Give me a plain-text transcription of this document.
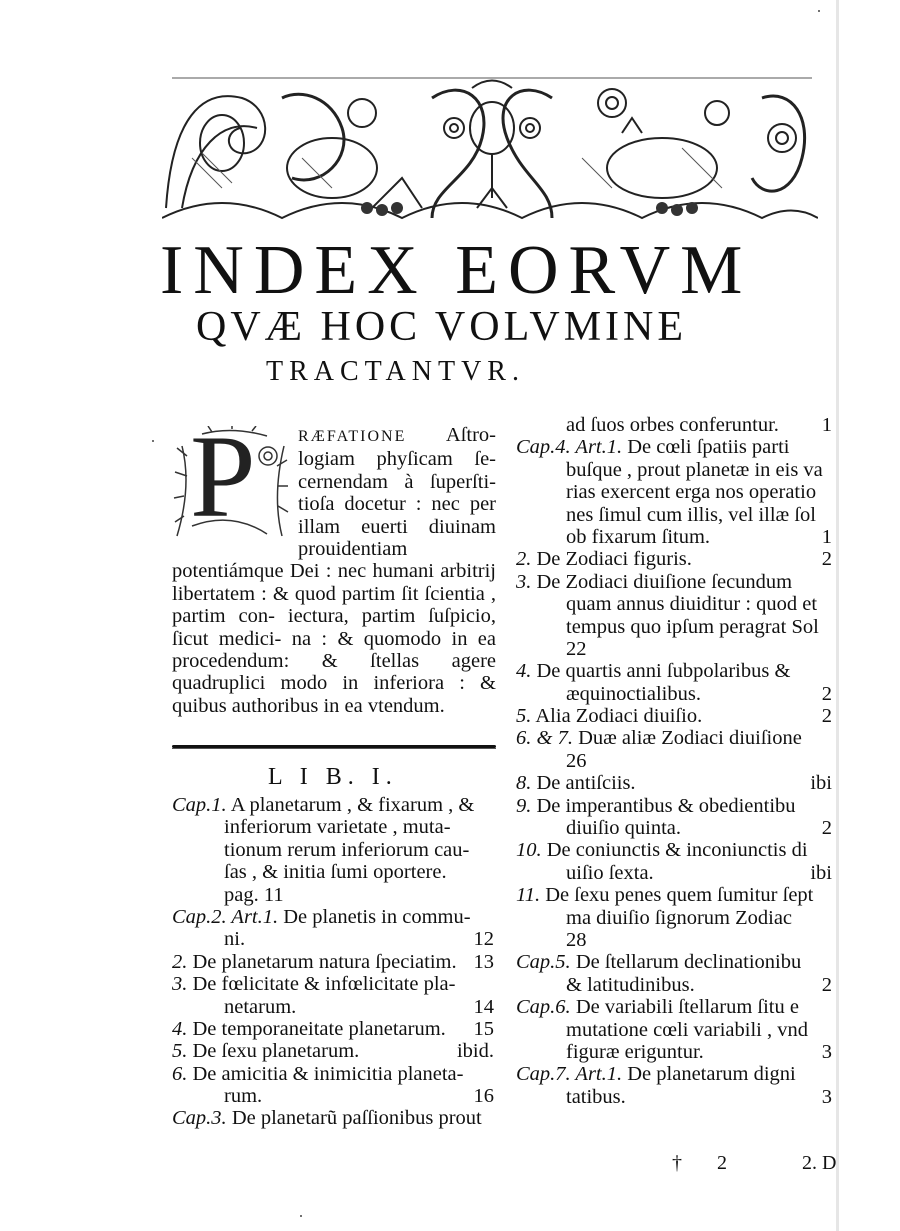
INDEX EORVM
QVÆ HOC VOLVMINE
TRACTANTVR.
P	RÆFATIONE Aſtro- logiam phyſicam ſe- cernendam à ſuperſti- tioſa docetur : nec per illam euerti diuinam prouidentiam potentiámque Dei : nec humani arbitrij libertatem : & quod partim ſit ſcientia , partim con- iectura, partim ſuſpicio, ſicut medici- na : & quomodo in ea procedendum: & ſtellas agere quadruplici modo in inferiora : & quibus authoribus in ea vtendum.

L I B. I.
Cap.1. A planetarum , & fixarum , &
inferiorum varietate , muta-
tionum rerum inferiorum cau-
ſas , & initia ſumi oportere.
pag. 11
Cap.2. Art.1. De planetis in commu-
ni.	12
2. De planetarum natura ſpeciatim. 13
3. De fœlicitate & infœlicitate pla-
netarum.	14
4. De temporaneitate planetarum. 15
5. De ſexu planetarum.	ibid.
6. De amicitia & inimicitia planeta-
rum.	16
Cap.3. De planetarũ paſſionibus prout
ad ſuos orbes conferuntur. 1
Cap.4. Art.1. De cœli ſpatiis parti
buſque , prout planetæ in eis va
rias exercent erga nos operatio
nes ſimul cum illis, vel illæ ſol
ob fixarum ſitum.	1
2. De Zodiaci figuris.	2
3. De Zodiaci diuiſione ſecundum
quam annus diuiditur : quod et
tempus quo ipſum peragrat Sol
22
4. De quartis anni ſubpolaribus &
æquinoctialibus.	2
5. Alia Zodiaci diuiſio.	2
6. & 7. Duæ aliæ Zodiaci diuiſione
26
8. De antiſciis.	ibi
9. De imperantibus & obedientibu
diuiſio quinta.	2
10. De coniunctis & inconiunctis di
uiſio ſexta.	ibi
11. De ſexu penes quem ſumitur ſept
ma diuiſio ſignorum Zodiac
28
Cap.5. De ſtellarum declinationibu
& latitudinibus.	2
Cap.6. De variabili ſtellarum ſitu e
mutatione cœli variabili , vnd
figuræ eriguntur.	3
Cap.7. Art.1. De planetarum digni
tatibus.	3
† 2	2. D
